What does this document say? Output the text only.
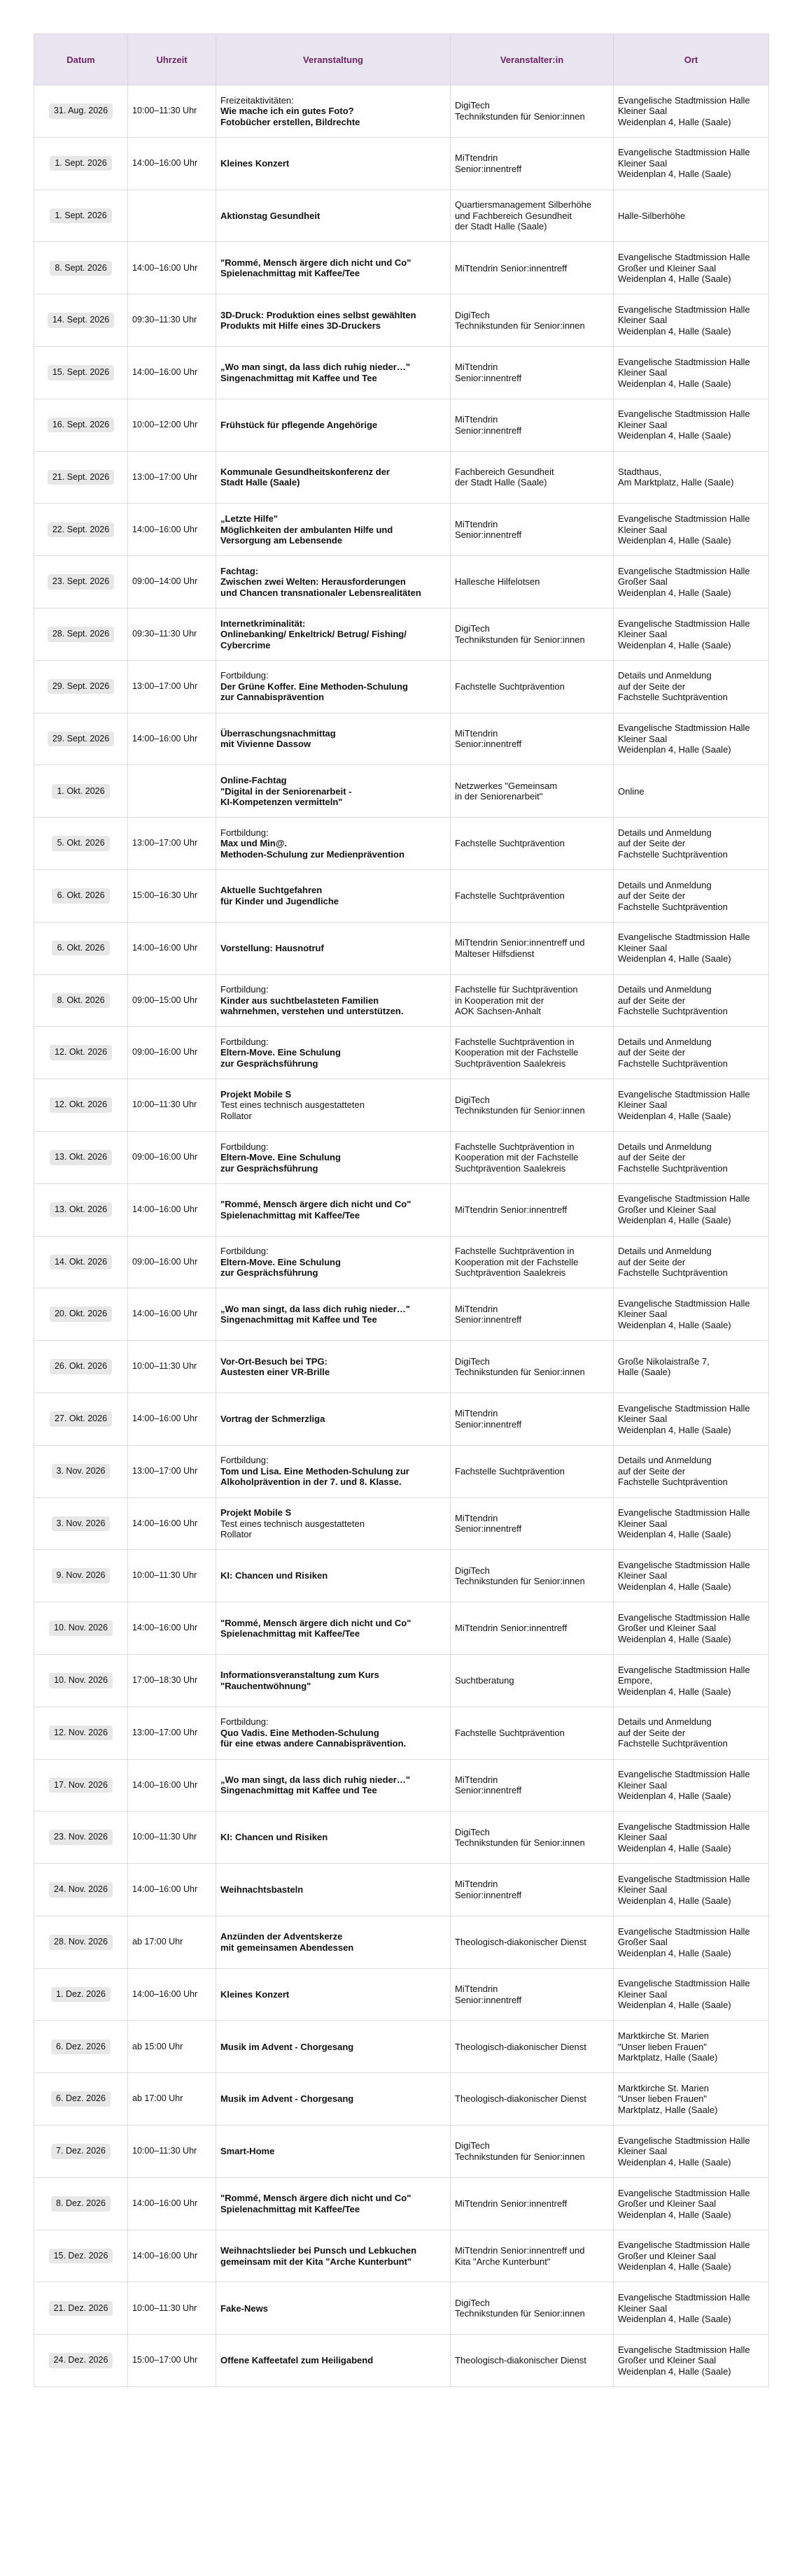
Datum	Uhrzeit	Veranstaltung	Veranstalter:in	Ort
31. Aug. 2026	10:00–11:30 Uhr	Freizeitaktivitäten:
Wie mache ich ein gutes Foto?
Fotobücher erstellen, Bildrechte	DigiTech
Technikstunden für Senior:innen	Evangelische Stadtmission Halle
Kleiner Saal
Weidenplan 4, Halle (Saale)

1. Sept. 2026	14:00–16:00 Uhr	Kleines Konzert	MiTtendrin
Senior:innentreff	Evangelische Stadtmission Halle
Kleiner Saal
Weidenplan 4, Halle (Saale)

1. Sept. 2026		Aktionstag Gesundheit	Quartiersmanagement Silberhöhe
und Fachbereich Gesundheit
der Stadt Halle (Saale)	Halle-Silberhöhe

8. Sept. 2026	14:00–16:00 Uhr	"Rommé, Mensch ärgere dich nicht und Co"
Spielenachmittag mit Kaffee/Tee	MiTtendrin Senior:innentreff	Evangelische Stadtmission Halle
Großer und Kleiner Saal
Weidenplan 4, Halle (Saale)

14. Sept. 2026	09:30–11:30 Uhr	3D-Druck: Produktion eines selbst gewählten
Produkts mit Hilfe eines 3D-Druckers	DigiTech
Technikstunden für Senior:innen	Evangelische Stadtmission Halle
Kleiner Saal
Weidenplan 4, Halle (Saale)

15. Sept. 2026	14:00–16:00 Uhr	„Wo man singt, da lass dich ruhig nieder…"
Singenachmittag mit Kaffee und Tee	MiTtendrin
Senior:innentreff	Evangelische Stadtmission Halle
Kleiner Saal
Weidenplan 4, Halle (Saale)

16. Sept. 2026	10:00–12:00 Uhr	Frühstück für pflegende Angehörige	MiTtendrin
Senior:innentreff	Evangelische Stadtmission Halle
Kleiner Saal
Weidenplan 4, Halle (Saale)

21. Sept. 2026	13:00–17:00 Uhr	Kommunale Gesundheitskonferenz der
Stadt Halle (Saale)	Fachbereich Gesundheit
der Stadt Halle (Saale)	Stadthaus,
Am Marktplatz, Halle (Saale)

22. Sept. 2026	14:00–16:00 Uhr	„Letzte Hilfe"
Möglichkeiten der ambulanten Hilfe und
Versorgung am Lebensende	MiTtendrin
Senior:innentreff	Evangelische Stadtmission Halle
Kleiner Saal
Weidenplan 4, Halle (Saale)

23. Sept. 2026	09:00–14:00 Uhr	Fachtag:
Zwischen zwei Welten: Herausforderungen
und Chancen transnationaler Lebensrealitäten	Hallesche Hilfelotsen	Evangelische Stadtmission Halle
Großer Saal
Weidenplan 4, Halle (Saale)

28. Sept. 2026	09:30–11:30 Uhr	Internetkriminalität:
Onlinebanking/ Enkeltrick/ Betrug/ Fishing/
Cybercrime	DigiTech
Technikstunden für Senior:innen	Evangelische Stadtmission Halle
Kleiner Saal
Weidenplan 4, Halle (Saale)

29. Sept. 2026	13:00–17:00 Uhr	Fortbildung:
Der Grüne Koffer. Eine Methoden-Schulung
zur Cannabisprävention	Fachstelle Suchtprävention	Details und Anmeldung
auf der Seite der
Fachstelle Suchtprävention

29. Sept. 2026	14:00–16:00 Uhr	Überraschungsnachmittag
mit Vivienne Dassow	MiTtendrin
Senior:innentreff	Evangelische Stadtmission Halle
Kleiner Saal
Weidenplan 4, Halle (Saale)

1. Okt. 2026		Online-Fachtag
"Digital in der Seniorenarbeit -
KI-Kompetenzen vermitteln"	Netzwerkes "Gemeinsam
in der Seniorenarbeit"	Online

5. Okt. 2026	13:00–17:00 Uhr	Fortbildung:
Max und Min@.
Methoden-Schulung zur Medienprävention	Fachstelle Suchtprävention	Details und Anmeldung
auf der Seite der
Fachstelle Suchtprävention

6. Okt. 2026	15:00–16:30 Uhr	Aktuelle Suchtgefahren
für Kinder und Jugendliche	Fachstelle Suchtprävention	Details und Anmeldung
auf der Seite der
Fachstelle Suchtprävention

6. Okt. 2026	14:00–16:00 Uhr	Vorstellung: Hausnotruf	MiTtendrin Senior:innentreff und
Malteser Hilfsdienst	Evangelische Stadtmission Halle
Kleiner Saal
Weidenplan 4, Halle (Saale)

8. Okt. 2026	09:00–15:00 Uhr	Fortbildung:
Kinder aus suchtbelasteten Familien
wahrnehmen, verstehen und unterstützen.	Fachstelle für Suchtprävention
in Kooperation mit der
AOK Sachsen-Anhalt	Details und Anmeldung
auf der Seite der
Fachstelle Suchtprävention

12. Okt. 2026	09:00–16:00 Uhr	Fortbildung:
Eltern-Move. Eine Schulung
zur Gesprächsführung	Fachstelle Suchtprävention in
Kooperation mit der Fachstelle
Suchtprävention Saalekreis	Details und Anmeldung
auf der Seite der
Fachstelle Suchtprävention

12. Okt. 2026	10:00–11:30 Uhr	Projekt Mobile S
Test eines technisch ausgestatteten
Rollator	DigiTech
Technikstunden für Senior:innen	Evangelische Stadtmission Halle
Kleiner Saal
Weidenplan 4, Halle (Saale)

13. Okt. 2026	09:00–16:00 Uhr	Fortbildung:
Eltern-Move. Eine Schulung
zur Gesprächsführung	Fachstelle Suchtprävention in
Kooperation mit der Fachstelle
Suchtprävention Saalekreis	Details und Anmeldung
auf der Seite der
Fachstelle Suchtprävention

13. Okt. 2026	14:00–16:00 Uhr	"Rommé, Mensch ärgere dich nicht und Co"
Spielenachmittag mit Kaffee/Tee	MiTtendrin Senior:innentreff	Evangelische Stadtmission Halle
Großer und Kleiner Saal
Weidenplan 4, Halle (Saale)

14. Okt. 2026	09:00–16:00 Uhr	Fortbildung:
Eltern-Move. Eine Schulung
zur Gesprächsführung	Fachstelle Suchtprävention in
Kooperation mit der Fachstelle
Suchtprävention Saalekreis	Details und Anmeldung
auf der Seite der
Fachstelle Suchtprävention

20. Okt. 2026	14:00–16:00 Uhr	„Wo man singt, da lass dich ruhig nieder…"
Singenachmittag mit Kaffee und Tee	MiTtendrin
Senior:innentreff	Evangelische Stadtmission Halle
Kleiner Saal
Weidenplan 4, Halle (Saale)

26. Okt. 2026	10:00–11:30 Uhr	Vor-Ort-Besuch bei TPG:
Austesten einer VR-Brille	DigiTech
Technikstunden für Senior:innen	Große Nikolaistraße 7,
Halle (Saale)

27. Okt. 2026	14:00–16:00 Uhr	Vortrag der Schmerzliga	MiTtendrin
Senior:innentreff	Evangelische Stadtmission Halle
Kleiner Saal
Weidenplan 4, Halle (Saale)

3. Nov. 2026	13:00–17:00 Uhr	Fortbildung:
Tom und Lisa. Eine Methoden-Schulung zur
Alkoholprävention in der 7. und 8. Klasse.	Fachstelle Suchtprävention	Details und Anmeldung
auf der Seite der
Fachstelle Suchtprävention

3. Nov. 2026	14:00–16:00 Uhr	Projekt Mobile S
Test eines technisch ausgestatteten
Rollator	MiTtendrin
Senior:innentreff	Evangelische Stadtmission Halle
Kleiner Saal
Weidenplan 4, Halle (Saale)

9. Nov. 2026	10:00–11:30 Uhr	KI: Chancen und Risiken	DigiTech
Technikstunden für Senior:innen	Evangelische Stadtmission Halle
Kleiner Saal
Weidenplan 4, Halle (Saale)

10. Nov. 2026	14:00–16:00 Uhr	"Rommé, Mensch ärgere dich nicht und Co"
Spielenachmittag mit Kaffee/Tee	MiTtendrin Senior:innentreff	Evangelische Stadtmission Halle
Großer und Kleiner Saal
Weidenplan 4, Halle (Saale)

10. Nov. 2026	17:00–18:30 Uhr	Informationsveranstaltung zum Kurs
"Rauchentwöhnung"	Suchtberatung	Evangelische Stadtmission Halle
Empore,
Weidenplan 4, Halle (Saale)

12. Nov. 2026	13:00–17:00 Uhr	Fortbildung:
Quo Vadis. Eine Methoden-Schulung
für eine etwas andere Cannabisprävention.	Fachstelle Suchtprävention	Details und Anmeldung
auf der Seite der
Fachstelle Suchtprävention

17. Nov. 2026	14:00–16:00 Uhr	„Wo man singt, da lass dich ruhig nieder…"
Singenachmittag mit Kaffee und Tee	MiTtendrin
Senior:innentreff	Evangelische Stadtmission Halle
Kleiner Saal
Weidenplan 4, Halle (Saale)

23. Nov. 2026	10:00–11:30 Uhr	KI: Chancen und Risiken	DigiTech
Technikstunden für Senior:innen	Evangelische Stadtmission Halle
Kleiner Saal
Weidenplan 4, Halle (Saale)

24. Nov. 2026	14:00–16:00 Uhr	Weihnachtsbasteln	MiTtendrin
Senior:innentreff	Evangelische Stadtmission Halle
Kleiner Saal
Weidenplan 4, Halle (Saale)

28. Nov. 2026	ab 17:00 Uhr	Anzünden der Adventskerze
mit gemeinsamen Abendessen	Theologisch-diakonischer Dienst	Evangelische Stadtmission Halle
Großer Saal
Weidenplan 4, Halle (Saale)

1. Dez. 2026	14:00–16:00 Uhr	Kleines Konzert	MiTtendrin
Senior:innentreff	Evangelische Stadtmission Halle
Kleiner Saal
Weidenplan 4, Halle (Saale)

6. Dez. 2026	ab 15:00 Uhr	Musik im Advent - Chorgesang	Theologisch-diakonischer Dienst	Marktkirche St. Marien
"Unser lieben Frauen"
Marktplatz, Halle (Saale)

6. Dez. 2026	ab 17:00 Uhr	Musik im Advent - Chorgesang	Theologisch-diakonischer Dienst	Marktkirche St. Marien
"Unser lieben Frauen"
Marktplatz, Halle (Saale)

7. Dez. 2026	10:00–11:30 Uhr	Smart-Home	DigiTech
Technikstunden für Senior:innen	Evangelische Stadtmission Halle
Kleiner Saal
Weidenplan 4, Halle (Saale)

8. Dez. 2026	14:00–16:00 Uhr	"Rommé, Mensch ärgere dich nicht und Co"
Spielenachmittag mit Kaffee/Tee	MiTtendrin Senior:innentreff	Evangelische Stadtmission Halle
Großer und Kleiner Saal
Weidenplan 4, Halle (Saale)

15. Dez. 2026	14:00–16:00 Uhr	Weihnachtslieder bei Punsch und Lebkuchen
gemeinsam mit der Kita "Arche Kunterbunt"	MiTtendrin Senior:innentreff und
Kita "Arche Kunterbunt"	Evangelische Stadtmission Halle
Großer und Kleiner Saal
Weidenplan 4, Halle (Saale)

21. Dez. 2026	10:00–11:30 Uhr	Fake-News	DigiTech
Technikstunden für Senior:innen	Evangelische Stadtmission Halle
Kleiner Saal
Weidenplan 4, Halle (Saale)

24. Dez. 2026	15:00–17:00 Uhr	Offene Kaffeetafel zum Heiligabend	Theologisch-diakonischer Dienst	Evangelische Stadtmission Halle
Großer und Kleiner Saal
Weidenplan 4, Halle (Saale)
